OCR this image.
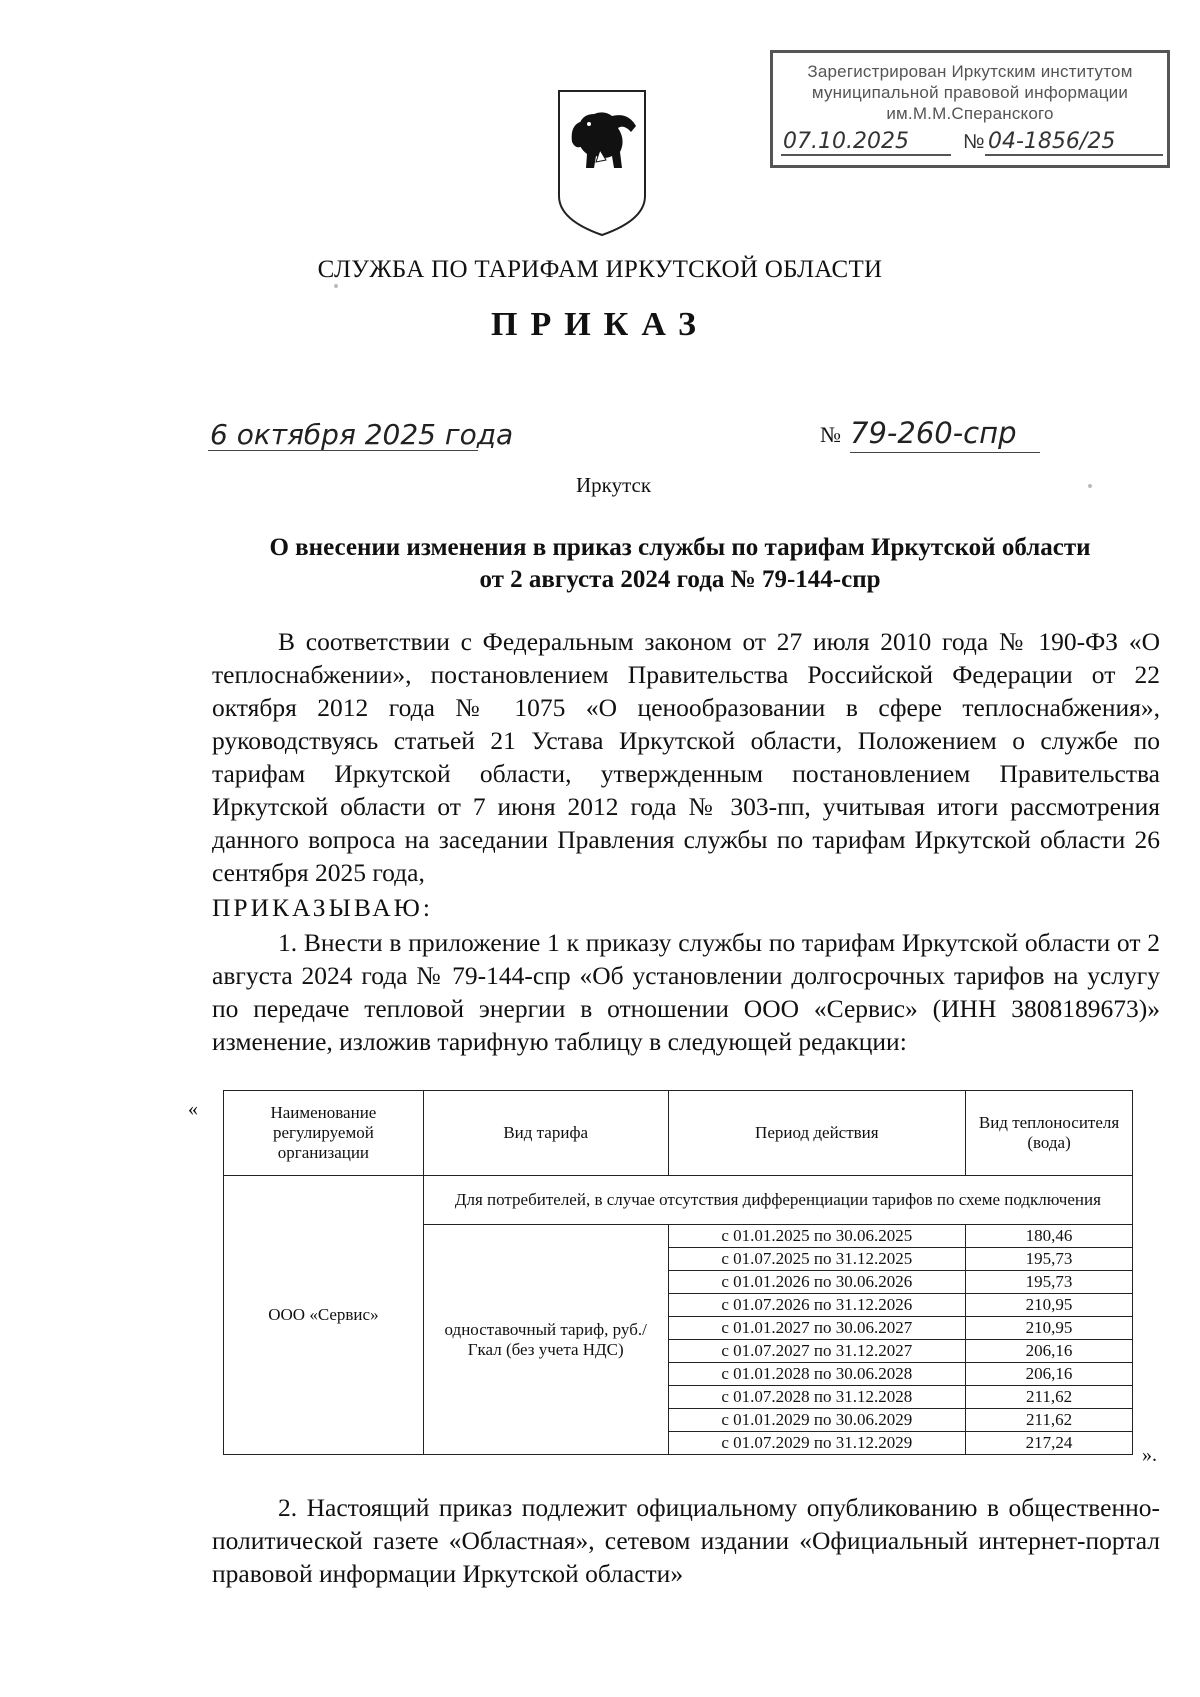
Зарегистрирован Иркутским институтом
муниципальной правовой информации
им.М.М.Сперанского
07.10.2025	№ 04-1856/25
СЛУЖБА ПО ТАРИФАМ ИРКУТСКОЙ ОБЛАСТИ
ПРИКАЗ
6 октября 2025 года	№ 79-260-спр
Иркутск
О внесении изменения в приказ службы по тарифам Иркутской области
от 2 августа 2024 года № 79-144-спр
В соответствии с Федеральным законом от 27 июля 2010 года № 190-ФЗ «О теплоснабжении», постановлением Правительства Российской Федерации от 22 октября 2012 года № 1075 «О ценообразовании в сфере теплоснабжения», руководствуясь статьей 21 Устава Иркутской области, Положением о службе по тарифам Иркутской области, утвержденным постановлением Правительства Иркутской области от 7 июня 2012 года № 303-пп, учитывая итоги рассмотрения данного вопроса на заседании Правления службы по тарифам Иркутской области 26 сентября 2025 года,
ПРИКАЗЫВАЮ:
1. Внести в приложение 1 к приказу службы по тарифам Иркутской области от 2 августа 2024 года № 79-144-спр «Об установлении долгосрочных тарифов на услугу по передаче тепловой энергии в отношении ООО «Сервис» (ИНН 3808189673)» изменение, изложив тарифную таблицу в следующей редакции:
«
».
Наименование регулируемой организации	Вид тарифа	Период действия	Вид теплоносителя (вода)
ООО «Сервис»	Для потребителей, в случае отсутствия дифференциации тарифов по схеме подключения		
	одноставочный тариф, руб./Гкал (без учета НДС)	с 01.01.2025 по 30.06.2025	180,46
		с 01.07.2025 по 31.12.2025	195,73
		с 01.01.2026 по 30.06.2026	195,73
		с 01.07.2026 по 31.12.2026	210,95
		с 01.01.2027 по 30.06.2027	210,95
		с 01.07.2027 по 31.12.2027	206,16
		с 01.01.2028 по 30.06.2028	206,16
		с 01.07.2028 по 31.12.2028	211,62
		с 01.01.2029 по 30.06.2029	211,62
		с 01.07.2029 по 31.12.2029	217,24
2. Настоящий приказ подлежит официальному опубликованию в общественно-политической газете «Областная», сетевом издании «Официальный интернет-портал правовой информации Иркутской области»
